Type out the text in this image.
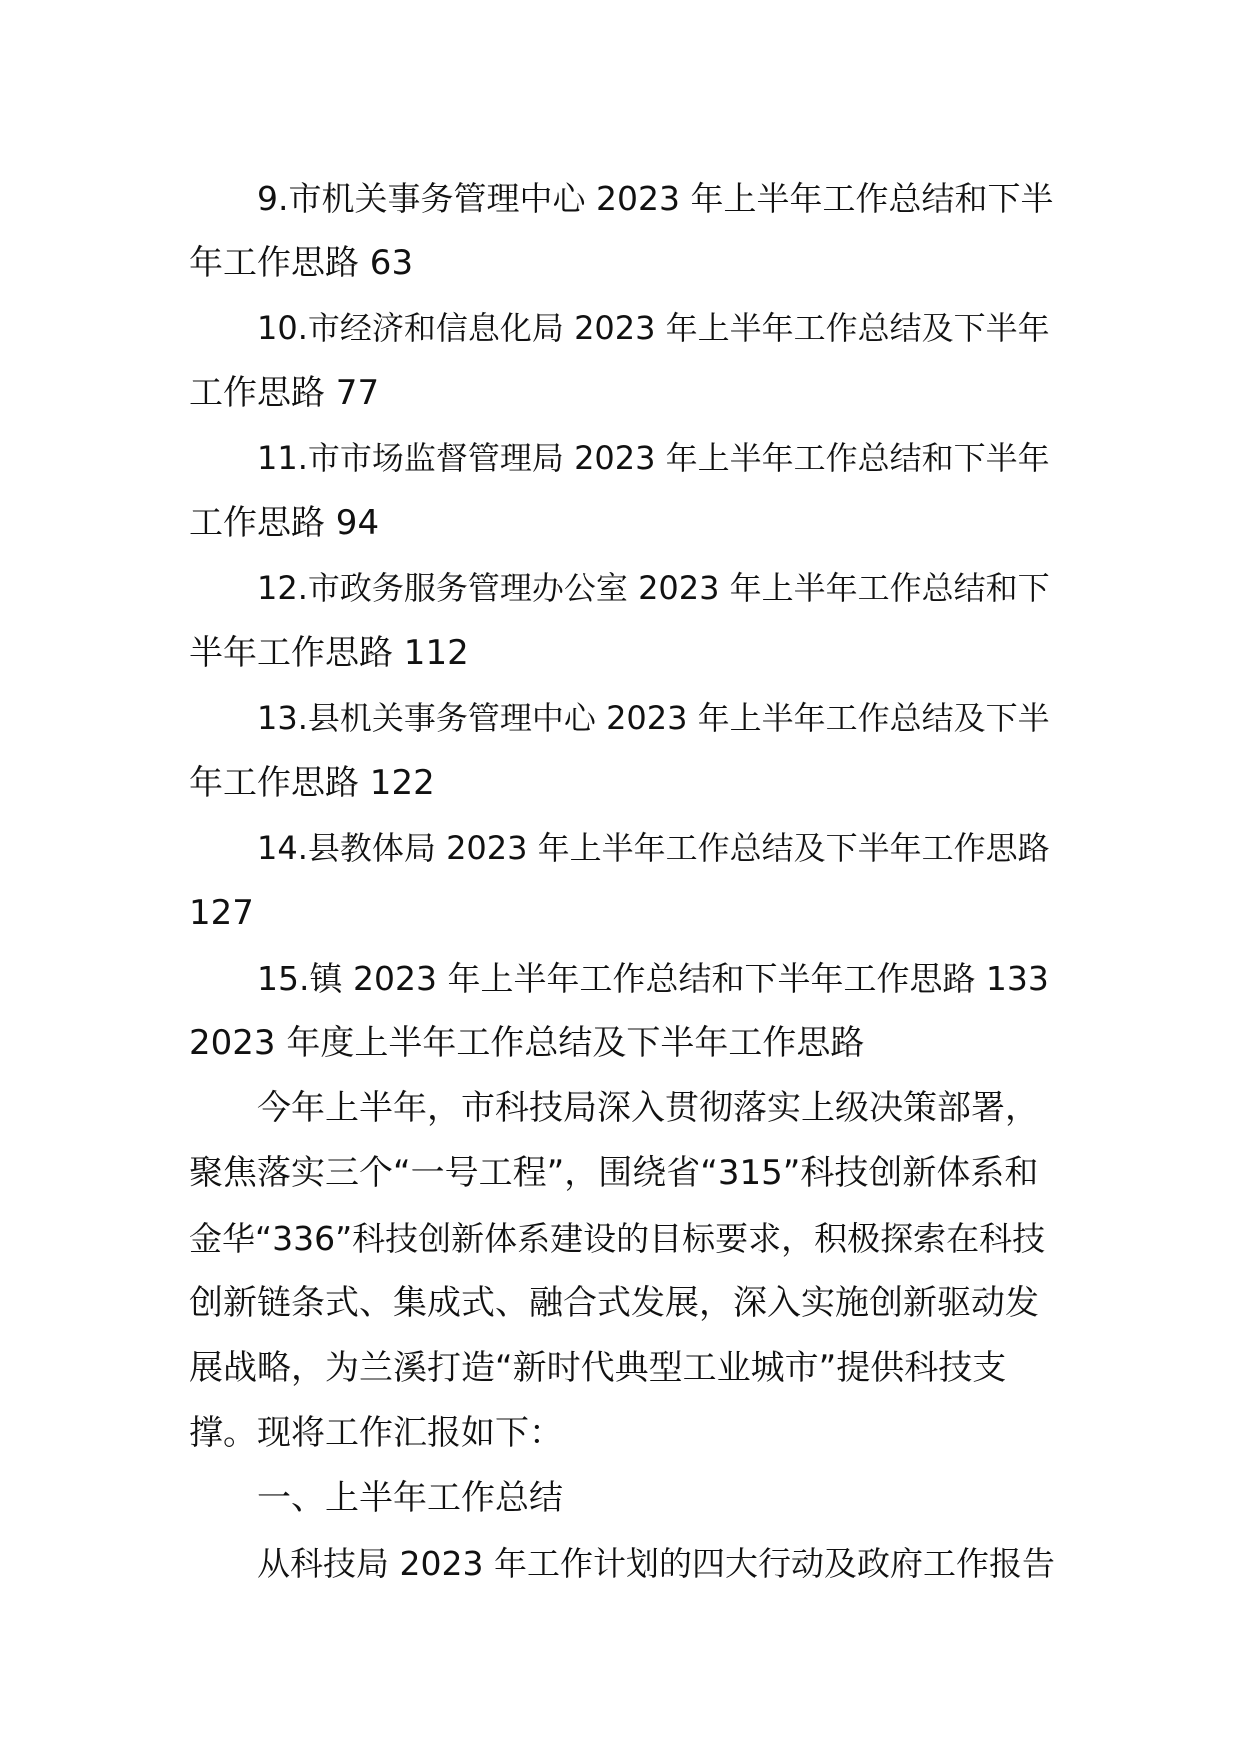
9.市机关事务管理中心 2023 年上半年工作总结和下半
年工作思路 63
10.市经济和信息化局 2023 年上半年工作总结及下半年
工作思路 77
11.市市场监督管理局 2023 年上半年工作总结和下半年
工作思路 94
12.市政务服务管理办公室 2023 年上半年工作总结和下
半年工作思路 112
13.县机关事务管理中心 2023 年上半年工作总结及下半
年工作思路 122
14.县教体局 2023 年上半年工作总结及下半年工作思路
127
15.镇 2023 年上半年工作总结和下半年工作思路 133
2023 年度上半年工作总结及下半年工作思路
今年上半年，市科技局深入贯彻落实上级决策部署，
聚焦落实三个“一号工程”，围绕省“315”科技创新体系和
金华“336”科技创新体系建设的目标要求，积极探索在科技
创新链条式、集成式、融合式发展，深入实施创新驱动发
展战略，为兰溪打造“新时代典型工业城市”提供科技支
撑。现将工作汇报如下：
一、上半年工作总结
从科技局 2023 年工作计划的四大行动及政府工作报告
